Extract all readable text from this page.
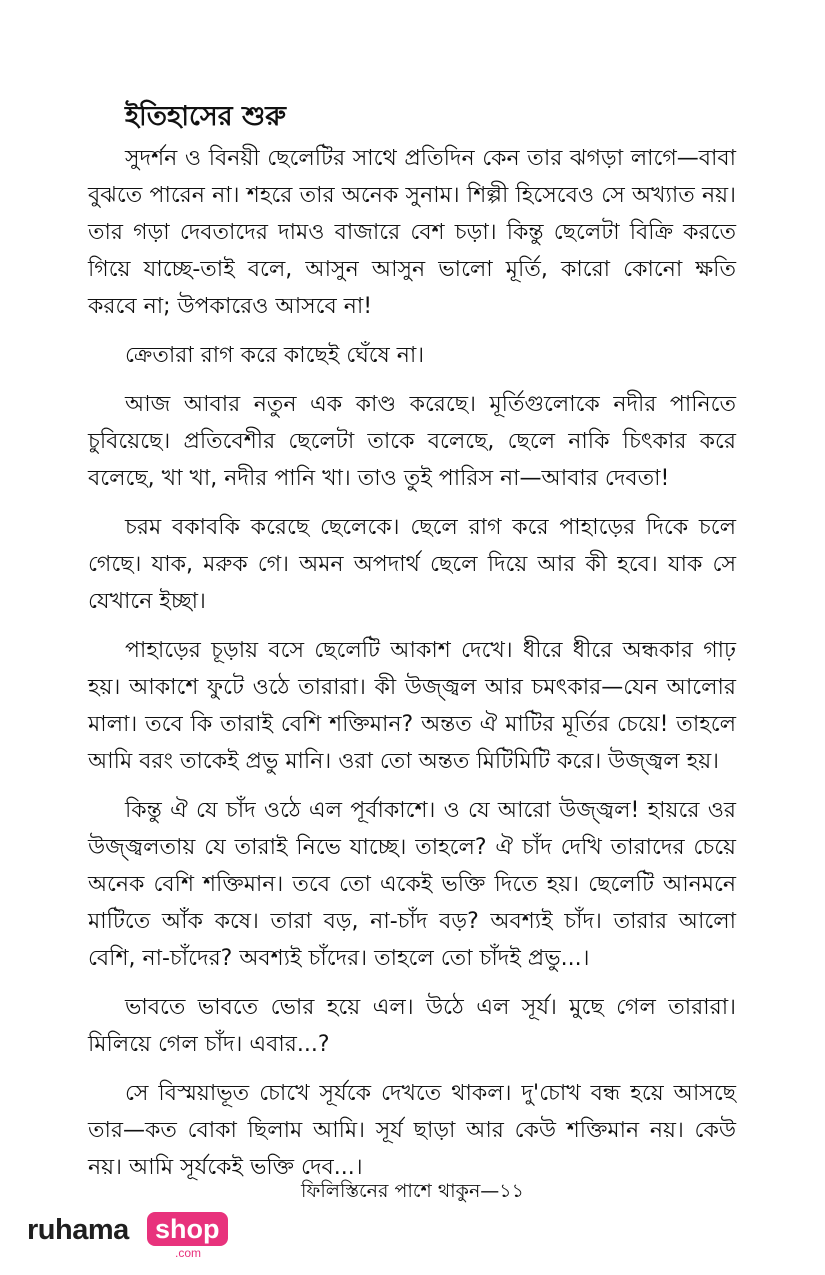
ইতিহাসের শুরু

সুদর্শন ও বিনয়ী ছেলেটির সাথে প্রতিদিন কেন তার ঝগড়া লাগে—বাবা বুঝতে পারেন না। শহরে তার অনেক সুনাম। শিল্পী হিসেবেও সে অখ্যাত নয়। তার গড়া দেবতাদের দামও বাজারে বেশ চড়া। কিন্তু ছেলেটা বিক্রি করতে গিয়ে যাচ্ছে-তাই বলে, আসুন আসুন ভালো মূর্তি, কারো কোনো ক্ষতি করবে না; উপকারেও আসবে না!

ক্রেতারা রাগ করে কাছেই ঘেঁষে না।

আজ আবার নতুন এক কাণ্ড করেছে। মূর্তিগুলোকে নদীর পানিতে চুবিয়েছে। প্রতিবেশীর ছেলেটা তাকে বলেছে, ছেলে নাকি চিৎকার করে বলেছে, খা খা, নদীর পানি খা। তাও তুই পারিস না—আবার দেবতা!

চরম বকাবকি করেছে ছেলেকে। ছেলে রাগ করে পাহাড়ের দিকে চলে গেছে। যাক, মরুক গে। অমন অপদার্থ ছেলে দিয়ে আর কী হবে। যাক সে যেখানে ইচ্ছা।

পাহাড়ের চূড়ায় বসে ছেলেটি আকাশ দেখে। ধীরে ধীরে অন্ধকার গাঢ় হয়। আকাশে ফুটে ওঠে তারারা। কী উজ্জ্বল আর চমৎকার—যেন আলোর মালা। তবে কি তারাই বেশি শক্তিমান? অন্তত ঐ মাটির মূর্তির চেয়ে! তাহলে আমি বরং তাকেই প্রভু মানি। ওরা তো অন্তত মিটিমিটি করে। উজ্জ্বল হয়।

কিন্তু ঐ যে চাঁদ ওঠে এল পূর্বাকাশে। ও যে আরো উজ্জ্বল! হায়রে ওর উজ্জ্বলতায় যে তারাই নিভে যাচ্ছে। তাহলে? ঐ চাঁদ দেখি তারাদের চেয়ে অনেক বেশি শক্তিমান। তবে তো একেই ভক্তি দিতে হয়। ছেলেটি আনমনে মাটিতে আঁক কষে। তারা বড়, না-চাঁদ বড়? অবশ্যই চাঁদ। তারার আলো বেশি, না-চাঁদের? অবশ্যই চাঁদের। তাহলে তো চাঁদই প্রভু...।

ভাবতে ভাবতে ভোর হয়ে এল। উঠে এল সূর্য। মুছে গেল তারারা। মিলিয়ে গেল চাঁদ। এবার...?

সে বিস্ময়াভূত চোখে সূর্যকে দেখতে থাকল। দু'চোখ বন্ধ হয়ে আসছে তার—কত বোকা ছিলাম আমি। সূর্য ছাড়া আর কেউ শক্তিমান নয়। কেউ নয়। আমি সূর্যকেই ভক্তি দেব...।

ফিলিস্তিনের পাশে থাকুন—১১
ruhama shop
.com
